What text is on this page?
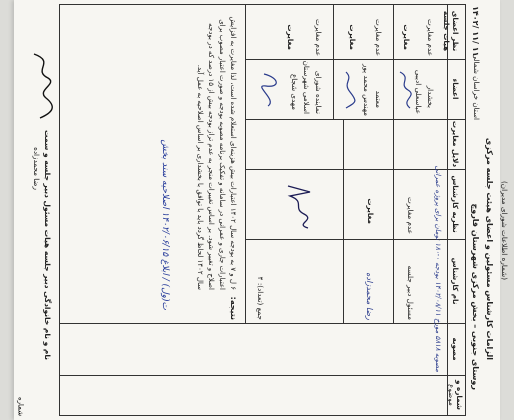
(شماره اطلاعات شورای مدیران)
الزامات کارشناس مسئولین و اعضای هیئت جلسه مرکزی
روستای جنوبی – بخش مرکزی شهرستان قاروچ
استان خراسان شمالی
۱۴۰۲/ ۱۱/ ۱۱
شماره و
موضوع
مصوبه
نام کارشناس
نظریه کارشناس
دلایل مغایرت
اعضاء
نظر اعضای هیات جلسه
مصوبه ۵۸۱۸ مورخ ۱۴۰۲/۰۸/۱۱ بودجه ۰-۱۸۰ تومان برای پروژه عمرانی
مسئول دبیر جلسه
عدم مغایرت
رضا محمدزاده
جمع (تعداد): ۴
مغایرت
بخشدار
عباسعلی ادیبی
عدم مغایرت
مغایرت
معتمد
مهندس محمد پور
عدم مغایرت
مغایرت
نماینده شورای
اسلامی شهرستان
مهدی شجاع
عدم مغایرت
مغایرت
نتیجه:
۶ ل و ۷ به بودجه سال ۱۴۰۲ اعتبارات بیش هزینه‌ای استعلام شده است، لذا مغایرت به افزایش اعتبارات جاری و عمرانی در سامانه و تفکیک برنامه مصوبه بودجه و صورت اعتبار مصوب برای اصلاح و تغییر شود. بر اساس تغییرات منجر به عدم تراز بودجه بیش از ۱۵ درصد که در بودجه سال ۱۴۰۲ لحاظ گردد باید با توافق با بخشداری بر اساس اصلاحیه به عمل آید.
ت‌(و‌ل) / ابلاغ ۱۴۰۲/۰۶/۱۵ اصلاحیه سند بخش
نام و نام خانوادگی دبیر جلسه هیات مسئول دبیر جلسه و سمت
رضا محمدزاده
شماره
